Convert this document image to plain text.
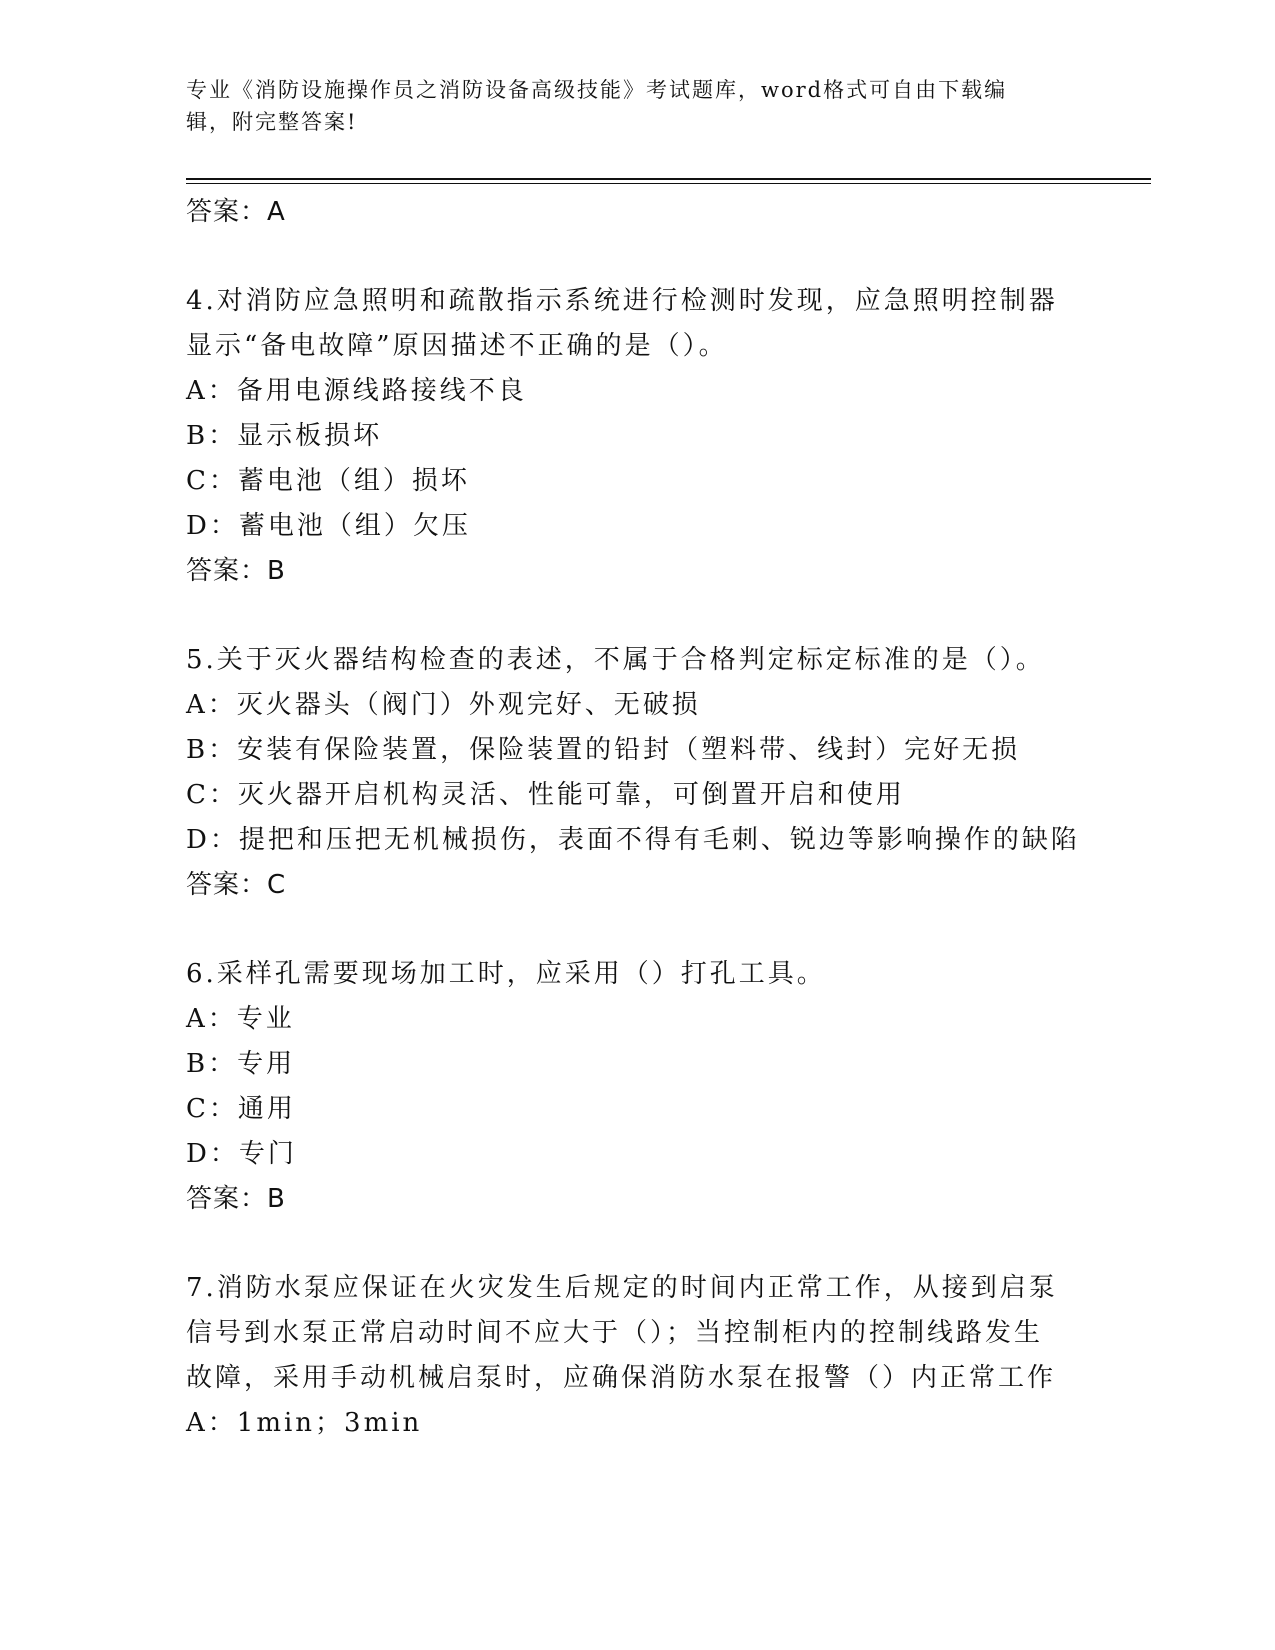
专业《消防设施操作员之消防设备高级技能》考试题库，word格式可自由下载编
辑，附完整答案!
答案：A
4.对消防应急照明和疏散指示系统进行检测时发现，应急照明控制器
显示“备电故障”原因描述不正确的是（）。
A：备用电源线路接线不良
B：显示板损坏
C：蓄电池（组）损坏
D：蓄电池（组）欠压
答案：B
5.关于灭火器结构检查的表述，不属于合格判定标定标准的是（）。
A：灭火器头（阀门）外观完好、无破损
B：安装有保险装置，保险装置的铅封（塑料带、线封）完好无损
C：灭火器开启机构灵活、性能可靠，可倒置开启和使用
D：提把和压把无机械损伤，表面不得有毛刺、锐边等影响操作的缺陷
答案：C
6.采样孔需要现场加工时，应采用（）打孔工具。
A：专业
B：专用
C：通用
D：专门
答案：B
7.消防水泵应保证在火灾发生后规定的时间内正常工作，从接到启泵
信号到水泵正常启动时间不应大于（）；当控制柜内的控制线路发生
故障，采用手动机械启泵时，应确保消防水泵在报警（）内正常工作
A：1min；3min
